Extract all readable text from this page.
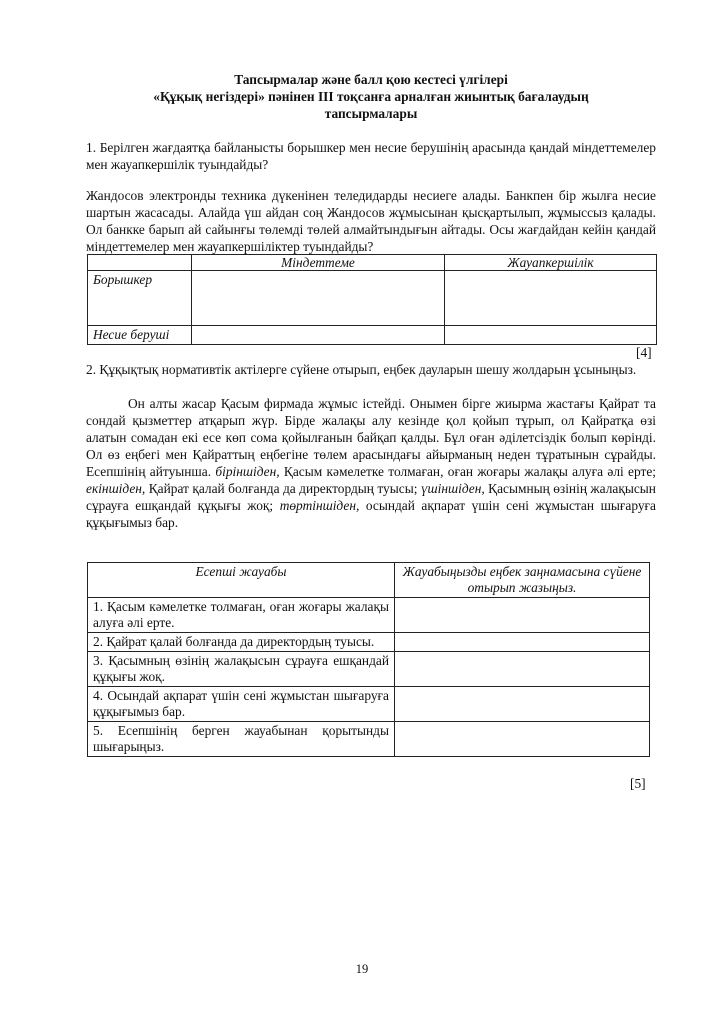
Тапсырмалар және балл қою кестесі үлгілері
«Құқық негіздері» пәнінен ІІІ тоқсанға арналған жиынтық бағалаудың
тапсырмалары

1. Берілген жағдаятқа байланысты борышкер мен несие берушінің арасында қандай міндеттемелер мен жауапкершілік туындайды?

Жандосов электронды техника дүкенінен теледидарды несиеге алады. Банкпен бір жылға несие шартын жасасады. Алайда үш айдан соң Жандосов жұмысынан қысқартылып, жұмыссыз қалады. Ол банкке барып ай сайынғы төлемді төлей алмайтындығын айтады. Осы жағдайдан кейін қандай міндеттемелер мен жауапкершіліктер туындайды?

	Міндеттеме	Жауапкершілік
Борышкер		
Несие беруші		
[4]

2. Құқықтық нормативтік актілерге сүйене отырып, еңбек дауларын шешу жолдарын ұсыныңыз.

Он алты жасар Қасым фирмада жұмыс істейді. Онымен бірге жиырма жастағы Қайрат та сондай қызметтер атқарып жүр. Бірде жалақы алу кезінде қол қойып тұрып, ол Қайратқа өзі алатын сомадан екі есе көп сома қойылғанын байқап қалды. Бұл оған әділетсіздік болып көрінді. Ол өз еңбегі мен Қайраттың еңбегіне төлем арасындағы айырманың неден тұратынын сұрайды. Есепшінің айтуынша. біріншіден, Қасым кәмелетке толмаған, оған жоғары жалақы алуға әлі ерте; екіншіден, Қайрат қалай болғанда да директордың туысы; үшіншіден, Қасымның өзінің жалақысын сұрауға ешқандай құқығы жоқ; төртіншіден, осындай ақпарат үшін сені жұмыстан шығаруға құқығымыз бар.

Есепші жауабы	Жауабыңызды еңбек заңнамасына сүйене отырып жазыңыз.
1. Қасым кәмелетке толмаған, оған жоғары жалақы алуға әлі ерте.	
2. Қайрат қалай болғанда да директордың туысы.	
3. Қасымның өзінің жалақысын сұрауға ешқандай құқығы жоқ.	
4. Осындай ақпарат үшін сені жұмыстан шығаруға құқығымыз бар.	
5. Есепшінің берген жауабынан қорытынды шығарыңыз.	
[5]
19
